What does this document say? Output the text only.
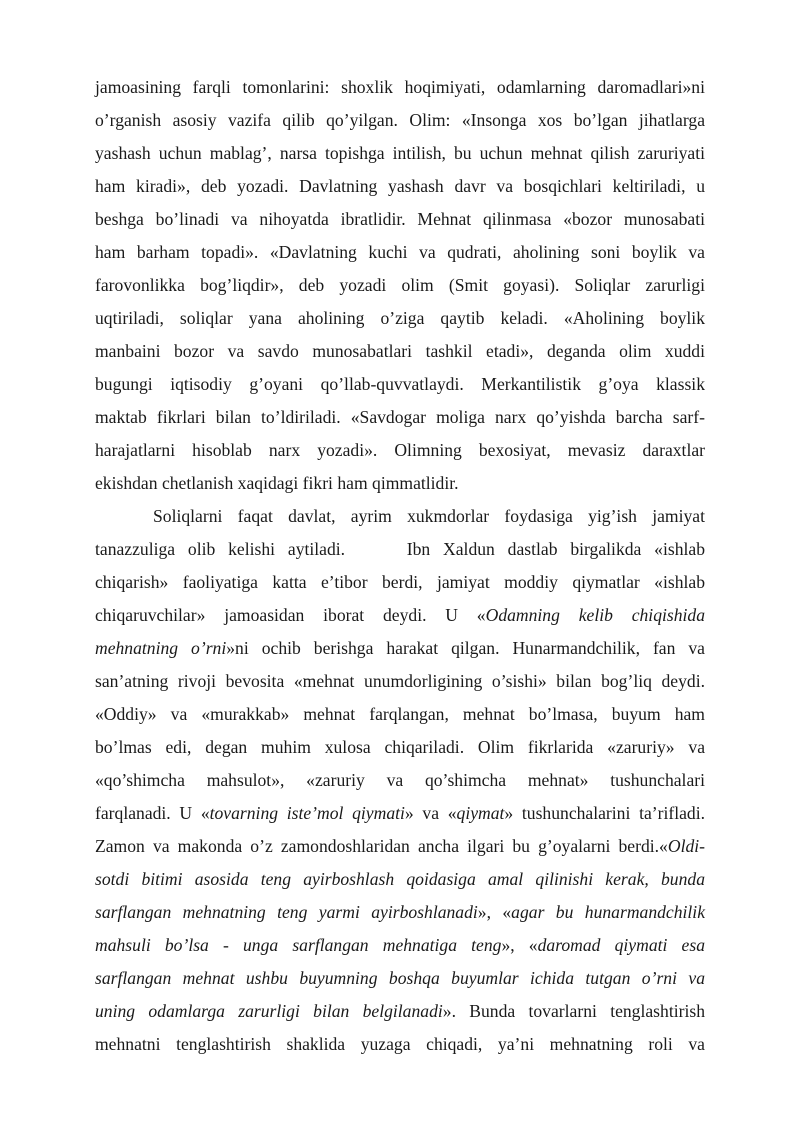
jamoasining farqli tomonlarini: shoxlik hoqimiyati, odamlarning daromadlari»ni
o’rganish asosiy vazifa qilib qo’yilgan. Olim: «Insonga xos bo’lgan jihatlarga
yashash uchun mablag’, narsa topishga intilish, bu uchun mehnat qilish zaruriyati
ham kiradi», deb yozadi. Davlatning yashash davr va bosqichlari keltiriladi, u
beshga bo’linadi va nihoyatda ibratlidir. Mehnat qilinmasa «bozor munosabati
ham barham topadi». «Davlatning kuchi va qudrati, aholining soni boylik va
farovonlikka bog’liqdir», deb yozadi olim (Smit goyasi). Soliqlar zarurligi
uqtiriladi, soliqlar yana aholining o’ziga qaytib keladi. «Aholining boylik
manbaini bozor va savdo munosabatlari tashkil etadi», deganda olim xuddi
bugungi iqtisodiy g’oyani qo’llab-quvvatlaydi. Merkantilistik g’oya klassik
maktab fikrlari bilan to’ldiriladi. «Savdogar moliga narx qo’yishda barcha sarf-
harajatlarni hisoblab narx yozadi». Olimning bexosiyat, mevasiz daraxtlar
ekishdan chetlanish xaqidagi fikri ham qimmatlidir.
Soliqlarni faqat davlat, ayrim xukmdorlar foydasiga yig’ish jamiyat
tanazzuliga olib kelishi aytiladi.	Ibn Xaldun dastlab birgalikda «ishlab
chiqarish» faoliyatiga katta e’tibor berdi, jamiyat moddiy qiymatlar «ishlab
chiqaruvchilar» jamoasidan iborat deydi. U «Odamning kelib chiqishida
mehnatning o’rni»ni ochib berishga harakat qilgan. Hunarmandchilik, fan va
san’atning rivoji bevosita «mehnat unumdorligining o’sishi» bilan bog’liq deydi.
«Oddiy» va «murakkab» mehnat farqlangan, mehnat bo’lmasa, buyum ham
bo’lmas edi, degan muhim xulosa chiqariladi. Olim fikrlarida «zaruriy» va
«qo’shimcha mahsulot», «zaruriy va qo’shimcha mehnat» tushunchalari
farqlanadi. U «tovarning iste’mol qiymati» va «qiymat» tushunchalarini ta’rifladi.
Zamon va makonda o’z zamondoshlaridan ancha ilgari bu g’oyalarni berdi.«Oldi-
sotdi bitimi asosida teng ayirboshlash qoidasiga amal qilinishi kerak, bunda
sarflangan mehnatning teng yarmi ayirboshlanadi», «agar bu hunarmandchilik
mahsuli bo’lsa - unga sarflangan mehnatiga teng», «daromad qiymati esa
sarflangan mehnat ushbu buyumning boshqa buyumlar ichida tutgan o’rni va
uning odamlarga zarurligi bilan belgilanadi». Bunda tovarlarni tenglashtirish
mehnatni tenglashtirish shaklida yuzaga chiqadi, ya’ni mehnatning roli va
